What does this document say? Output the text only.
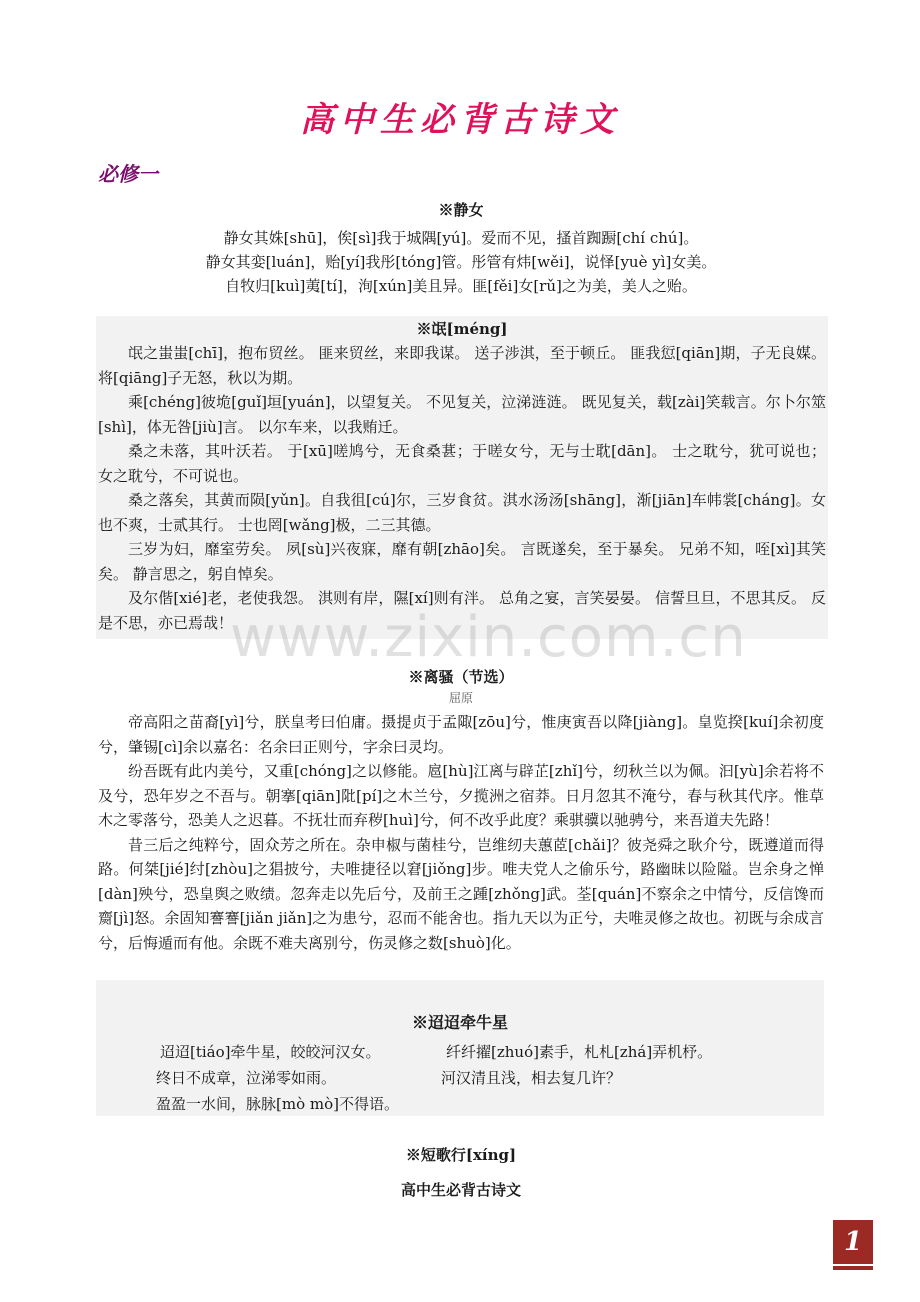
高中生必背古诗文
必修一

※静女

静女其姝[shū]，俟[sì]我于城隅[yú]。爱而不见，搔首踟蹰[chí chú]。

静女其娈[luán]，贻[yí]我彤[tóng]管。彤管有炜[wěi]，说怿[yuè yì]女美。

自牧归[kuì]荑[tí]，洵[xún]美且异。匪[fěi]女[rǔ]之为美，美人之贻。

※氓[méng]

氓之蚩蚩[chī]，抱布贸丝。 匪来贸丝，来即我谋。 送子涉淇，至于顿丘。 匪我愆[qiān]期，子无良媒。 将[qiāng]子无怒，秋以为期。

乘[chéng]彼垝[guǐ]垣[yuán]，以望复关。 不见复关，泣涕涟涟。 既见复关，载[zài]笑载言。尔卜尔筮[shì]，体无咎[jiù]言。 以尔车来，以我贿迁。

桑之未落，其叶沃若。 于[xū]嗟鸠兮，无食桑葚；于嗟女兮，无与士耽[dān]。 士之耽兮，犹可说也； 女之耽兮，不可说也。

桑之落矣，其黄而陨[yǔn]。自我徂[cú]尔，三岁食贫。淇水汤汤[shāng]，渐[jiān]车帏裳[cháng]。女也不爽，士贰其行。 士也罔[wǎng]极，二三其德。

三岁为妇，靡室劳矣。 夙[sù]兴夜寐，靡有朝[zhāo]矣。 言既遂矣，至于暴矣。 兄弟不知，咥[xì]其笑矣。 静言思之，躬自悼矣。

及尔偕[xié]老，老使我怨。 淇则有岸，隰[xí]则有泮。 总角之宴，言笑晏晏。 信誓旦旦，不思其反。 反是不思，亦已焉哉！

www.zixin.com.cn

※离骚（节选）

屈原

帝高阳之苗裔[yì]兮，朕皇考曰伯庸。摄提贞于孟陬[zōu]兮，惟庚寅吾以降[jiàng]。皇览揆[kuí]余初度兮，肇锡[cì]余以嘉名：名余曰正则兮，字余曰灵均。

纷吾既有此内美兮，又重[chóng]之以修能。扈[hù]江离与辟芷[zhǐ]兮，纫秋兰以为佩。汩[yù]余若将不及兮，恐年岁之不吾与。朝搴[qiān]阰[pí]之木兰兮，夕揽洲之宿莽。日月忽其不淹兮，春与秋其代序。惟草木之零落兮，恐美人之迟暮。不抚壮而弃秽[huì]兮，何不改乎此度？乘骐骥以驰骋兮，来吾道夫先路！

昔三后之纯粹兮，固众芳之所在。杂申椒与菌桂兮，岂维纫夫蕙茝[chǎi]？彼尧舜之耿介兮，既遵道而得路。何桀[jié]纣[zhòu]之猖披兮，夫唯捷径以窘[jiǒng]步。唯夫党人之偷乐兮，路幽昧以险隘。岂余身之惮[dàn]殃兮，恐皇舆之败绩。忽奔走以先后兮，及前王之踵[zhǒng]武。荃[quán]不察余之中情兮，反信馋而齌[jì]怒。余固知謇謇[jiǎn jiǎn]之为患兮，忍而不能舍也。指九天以为正兮，夫唯灵修之故也。初既与余成言兮，后悔遁而有他。余既不难夫离别兮，伤灵修之数[shuò]化。

※迢迢牵牛星

迢迢[tiáo]牵牛星，皎皎河汉女。	纤纤擢[zhuó]素手，札札[zhá]弄机杼。
终日不成章，泣涕零如雨。	河汉清且浅，相去复几许？
盈盈一水间，脉脉[mò mò]不得语。

※短歌行[xíng]

高中生必背古诗文

1
